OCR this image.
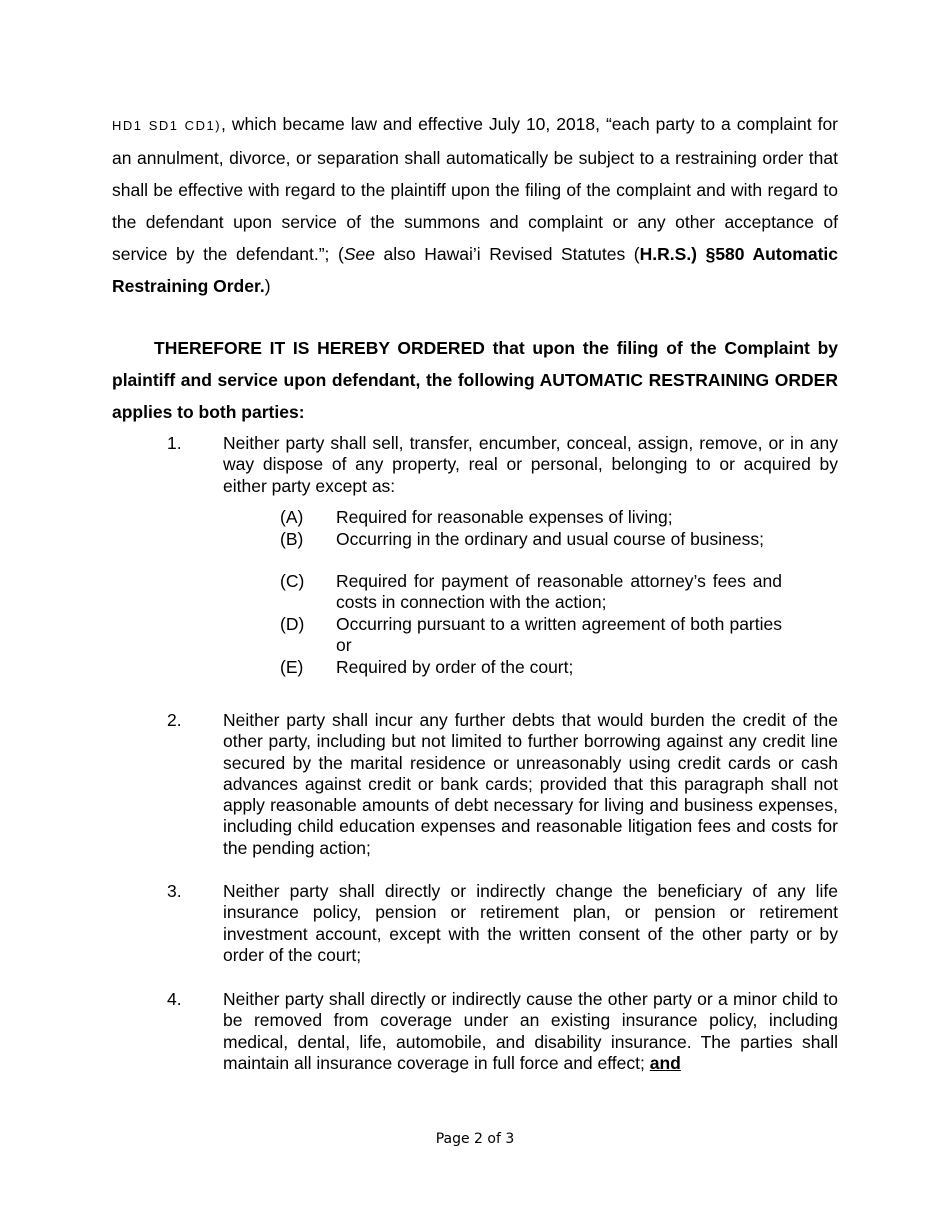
HD1 SD1 CD1), which became law and effective July 10, 2018, “each party to a complaint for an annulment, divorce, or separation shall automatically be subject to a restraining order that shall be effective with regard to the plaintiff upon the filing of the complaint and with regard to the defendant upon service of the summons and complaint or any other acceptance of service by the defendant.”; (See also Hawai’i Revised Statutes (H.R.S.) §580 Automatic Restraining Order.)

THEREFORE IT IS HEREBY ORDERED that upon the filing of the Complaint by plaintiff and service upon defendant, the following AUTOMATIC RESTRAINING ORDER applies to both parties:

1. Neither party shall sell, transfer, encumber, conceal, assign, remove, or in any way dispose of any property, real or personal, belonging to or acquired by either party except as:

(A) Required for reasonable expenses of living;

(B) Occurring in the ordinary and usual course of business;

(C) Required for payment of reasonable attorney’s fees and costs in connection with the action;

(D) Occurring pursuant to a written agreement of both parties or

(E) Required by order of the court;

2. Neither party shall incur any further debts that would burden the credit of the other party, including but not limited to further borrowing against any credit line secured by the marital residence or unreasonably using credit cards or cash advances against credit or bank cards; provided that this paragraph shall not apply reasonable amounts of debt necessary for living and business expenses, including child education expenses and reasonable litigation fees and costs for the pending action;

3. Neither party shall directly or indirectly change the beneficiary of any life insurance policy, pension or retirement plan, or pension or retirement investment account, except with the written consent of the other party or by order of the court;

4. Neither party shall directly or indirectly cause the other party or a minor child to be removed from coverage under an existing insurance policy, including medical, dental, life, automobile, and disability insurance. The parties shall maintain all insurance coverage in full force and effect; and

Page 2 of 3
